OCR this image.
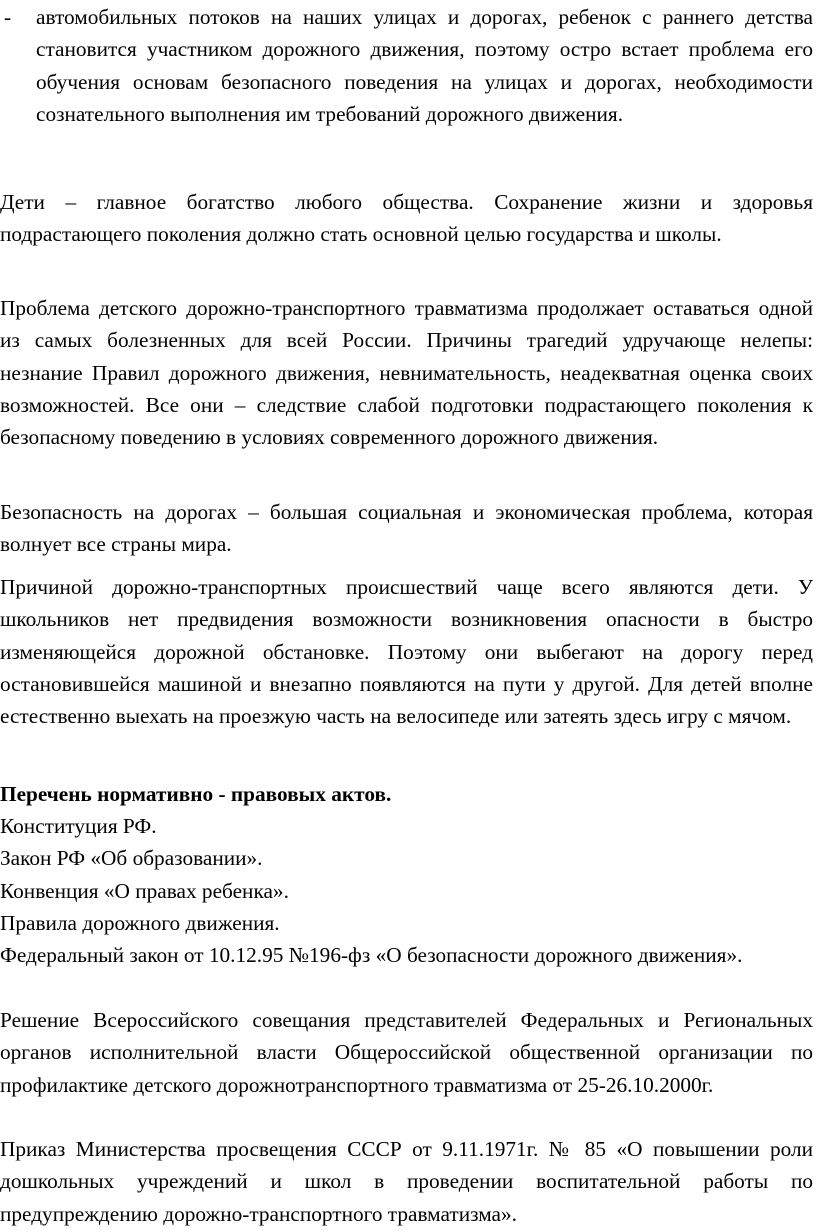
- автомобильных потоков на наших улицах и дорогах, ребенок с раннего детства становится участником дорожного движения, поэтому остро встает проблема его обучения основам безопасного поведения на улицах и дорогах, необходимости сознательного выполнения им требований дорожного движения.

Дети – главное богатство любого общества. Сохранение жизни и здоровья подрастающего поколения должно стать основной целью государства и школы.

Проблема детского дорожно-транспортного травматизма продолжает оставаться одной из самых болезненных для всей России. Причины трагедий удручающе нелепы: незнание Правил дорожного движения, невнимательность, неадекватная оценка своих возможностей. Все они – следствие слабой подготовки подрастающего поколения к безопасному поведению в условиях современного дорожного движения.

Безопасность на дорогах – большая социальная и экономическая проблема, которая волнует все страны мира.

Причиной дорожно-транспортных происшествий чаще всего являются дети. У школьников нет предвидения возможности возникновения опасности в быстро изменяющейся дорожной обстановке. Поэтому они выбегают на дорогу перед остановившейся машиной и внезапно появляются на пути у другой. Для детей вполне естественно выехать на проезжую часть на велосипеде или затеять здесь игру с мячом.

Перечень нормативно - правовых актов.

Конституция РФ.

Закон РФ «Об образовании».

Конвенция «О правах ребенка».

Правила дорожного движения.

Федеральный закон от 10.12.95 №196-фз «О безопасности дорожного движения».

Решение Всероссийского совещания представителей Федеральных и Региональных органов исполнительной власти Общероссийской общественной организации по профилактике детского дорожнотранспортного травматизма от 25-26.10.2000г.

Приказ Министерства просвещения СССР от 9.11.1971г. № 85 «О повышении роли дошкольных учреждений и школ в проведении воспитательной работы по предупреждению дорожно-транспортного травматизма».
